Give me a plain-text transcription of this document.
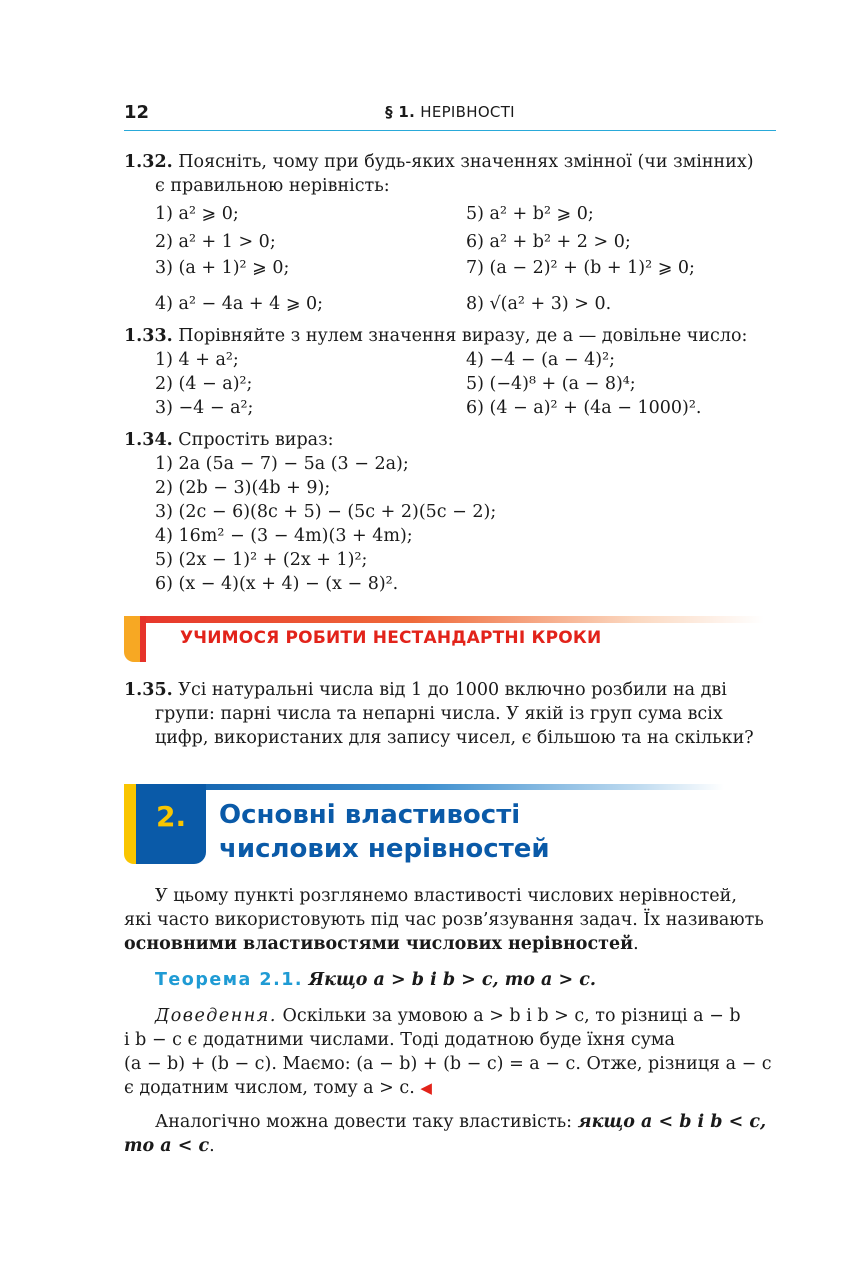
12	§ 1. НЕРІВНОСТІ
1.32. Поясніть, чому при будь-яких значеннях змінної (чи змінних)
є правильною нерівність:
1) a² ⩾ 0;	5) a² + b² ⩾ 0;
2) a² + 1 > 0;	6) a² + b² + 2 > 0;
3) (a + 1)² ⩾ 0;	7) (a − 2)² + (b + 1)² ⩾ 0;
4) a² − 4a + 4 ⩾ 0;	8) √(a² + 3) > 0.
1.33. Порівняйте з нулем значення виразу, де a — довільне число:
1) 4 + a²;	4) −4 − (a − 4)²;
2) (4 − a)²;	5) (−4)⁸ + (a − 8)⁴;
3) −4 − a²;	6) (4 − a)² + (4a − 1000)².
1.34. Спростіть вираз:
1) 2a (5a − 7) − 5a (3 − 2a);
2) (2b − 3)(4b + 9);
3) (2c − 6)(8c + 5) − (5c + 2)(5c − 2);
4) 16m² − (3 − 4m)(3 + 4m);
5) (2x − 1)² + (2x + 1)²;
6) (x − 4)(x + 4) − (x − 8)².
УЧИМОСЯ РОБИТИ НЕСТАНДАРТНІ КРОКИ
1.35. Усі натуральні числа від 1 до 1000 включно розбили на дві
групи: парні числа та непарні числа. У якій із груп сума всіх
цифр, використаних для запису чисел, є більшою та на скільки?
2. Основні властивості
числових нерівностей
У цьому пункті розглянемо властивості числових нерівностей,
які часто використовують під час розв’язування задач. Їх називають
основними властивостями числових нерівностей.
Теорема 2.1. Якщо a > b і b > c, то a > c.
Доведення. Оскільки за умовою a > b і b > c, то різниці a − b
і b − c є додатними числами. Тоді додатною буде їхня сума
(a − b) + (b − c). Маємо: (a − b) + (b − c) = a − c. Отже, різниця a − c
є додатним числом, тому a > c. ◀
Аналогічно можна довести таку властивість: якщо a < b і b < c,
то a < c.
